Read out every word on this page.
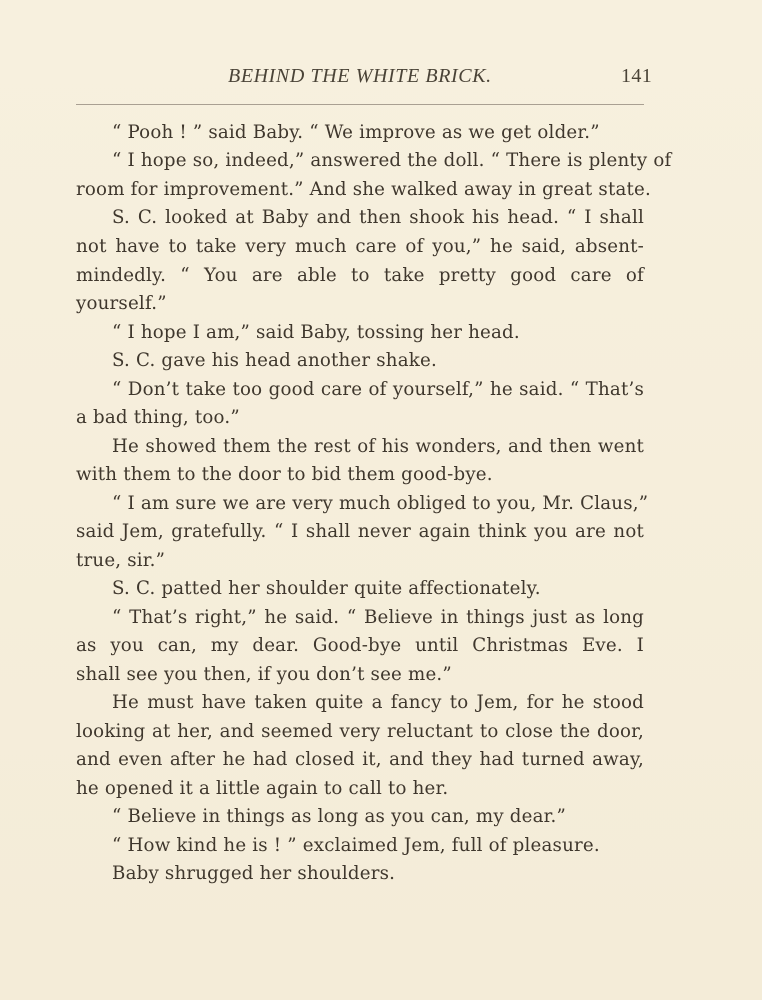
BEHIND THE WHITE BRICK.	141
“ Pooh ! ” said Baby. “ We improve as we get older.”
“ I hope so, indeed,” answered the doll. “ There is plenty of
room for improvement.” And she walked away in great state.
S. C. looked at Baby and then shook his head. “ I shall
not have to take very much care of you,” he said, absent-
mindedly. “ You are able to take pretty good care of
yourself.”
“ I hope I am,” said Baby, tossing her head.
S. C. gave his head another shake.
“ Don’t take too good care of yourself,” he said. “ That’s
a bad thing, too.”
He showed them the rest of his wonders, and then went
with them to the door to bid them good-bye.
“ I am sure we are very much obliged to you, Mr. Claus,”
said Jem, gratefully. “ I shall never again think you are not
true, sir.”
S. C. patted her shoulder quite affectionately.
“ That’s right,” he said. “ Believe in things just as long
as you can, my dear. Good-bye until Christmas Eve. I
shall see you then, if you don’t see me.”
He must have taken quite a fancy to Jem, for he stood
looking at her, and seemed very reluctant to close the door,
and even after he had closed it, and they had turned away,
he opened it a little again to call to her.
“ Believe in things as long as you can, my dear.”
“ How kind he is ! ” exclaimed Jem, full of pleasure.
Baby shrugged her shoulders.
